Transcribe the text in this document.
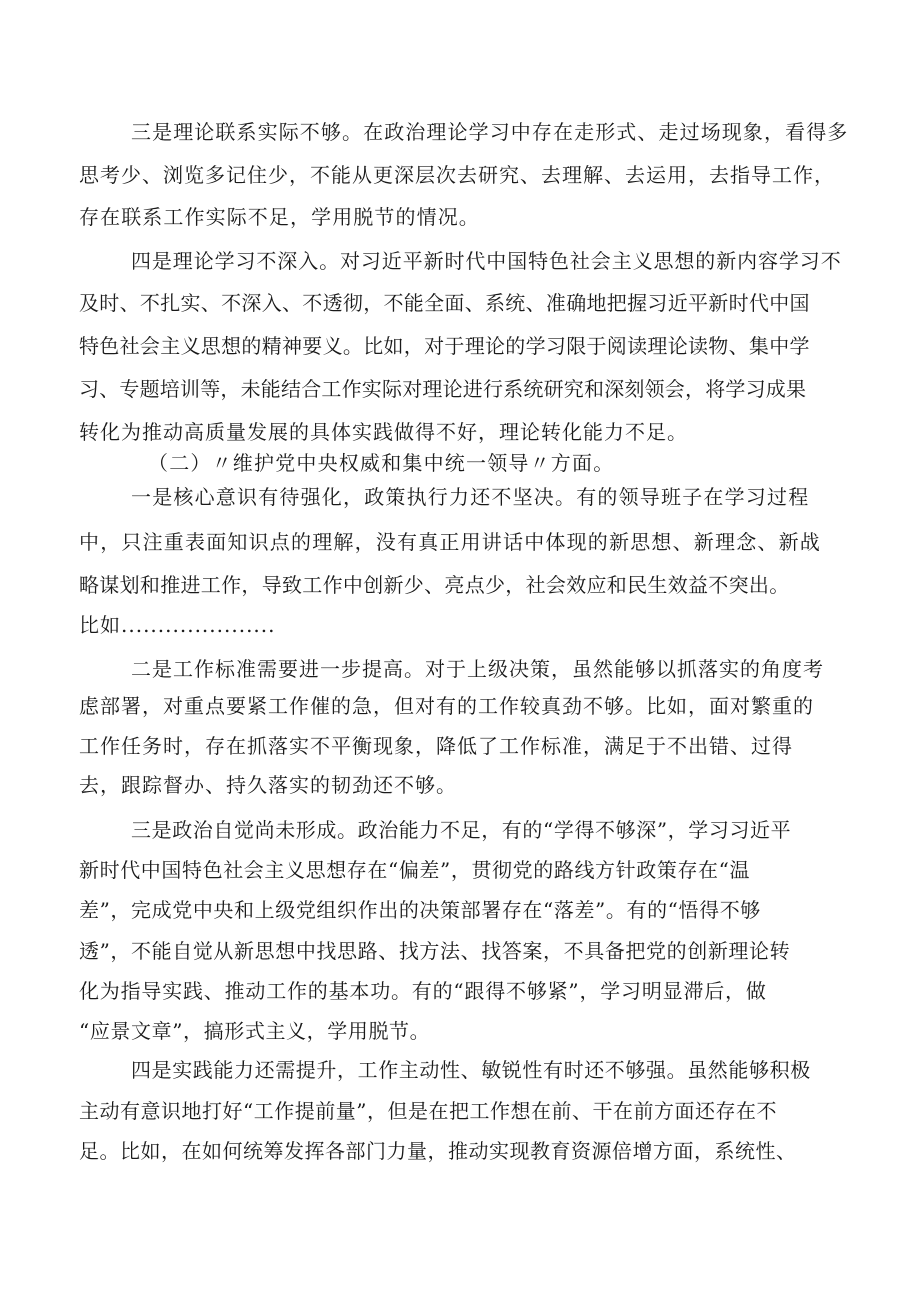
三是理论联系实际不够。在政治理论学习中存在走形式、走过场现象，看得多
思考少、浏览多记住少，不能从更深层次去研究、去理解、去运用，去指导工作，
存在联系工作实际不足，学用脱节的情况。
四是理论学习不深入。对习近平新时代中国特色社会主义思想的新内容学习不
及时、不扎实、不深入、不透彻，不能全面、系统、准确地把握习近平新时代中国
特色社会主义思想的精神要义。比如，对于理论的学习限于阅读理论读物、集中学
习、专题培训等，未能结合工作实际对理论进行系统研究和深刻领会，将学习成果
转化为推动高质量发展的具体实践做得不好，理论转化能力不足。
（二）〃维护党中央权威和集中统一领导〃方面。
一是核心意识有待强化，政策执行力还不坚决。有的领导班子在学习过程
中，只注重表面知识点的理解，没有真正用讲话中体现的新思想、新理念、新战
略谋划和推进工作，导致工作中创新少、亮点少，社会效应和民生效益不突出。
比如.....................
二是工作标准需要进一步提高。对于上级决策，虽然能够以抓落实的角度考
虑部署，对重点要紧工作催的急，但对有的工作较真劲不够。比如，面对繁重的
工作任务时，存在抓落实不平衡现象，降低了工作标准，满足于不出错、过得
去，跟踪督办、持久落实的韧劲还不够。
三是政治自觉尚未形成。政治能力不足，有的“学得不够深”，学习习近平
新时代中国特色社会主义思想存在“偏差”，贯彻党的路线方针政策存在“温
差”，完成党中央和上级党组织作出的决策部署存在“落差”。有的“悟得不够
透”，不能自觉从新思想中找思路、找方法、找答案，不具备把党的创新理论转
化为指导实践、推动工作的基本功。有的“跟得不够紧”，学习明显滞后，做
“应景文章”，搞形式主义，学用脱节。
四是实践能力还需提升，工作主动性、敏锐性有时还不够强。虽然能够积极
主动有意识地打好“工作提前量”，但是在把工作想在前、干在前方面还存在不
足。比如，在如何统筹发挥各部门力量，推动实现教育资源倍增方面，系统性、
